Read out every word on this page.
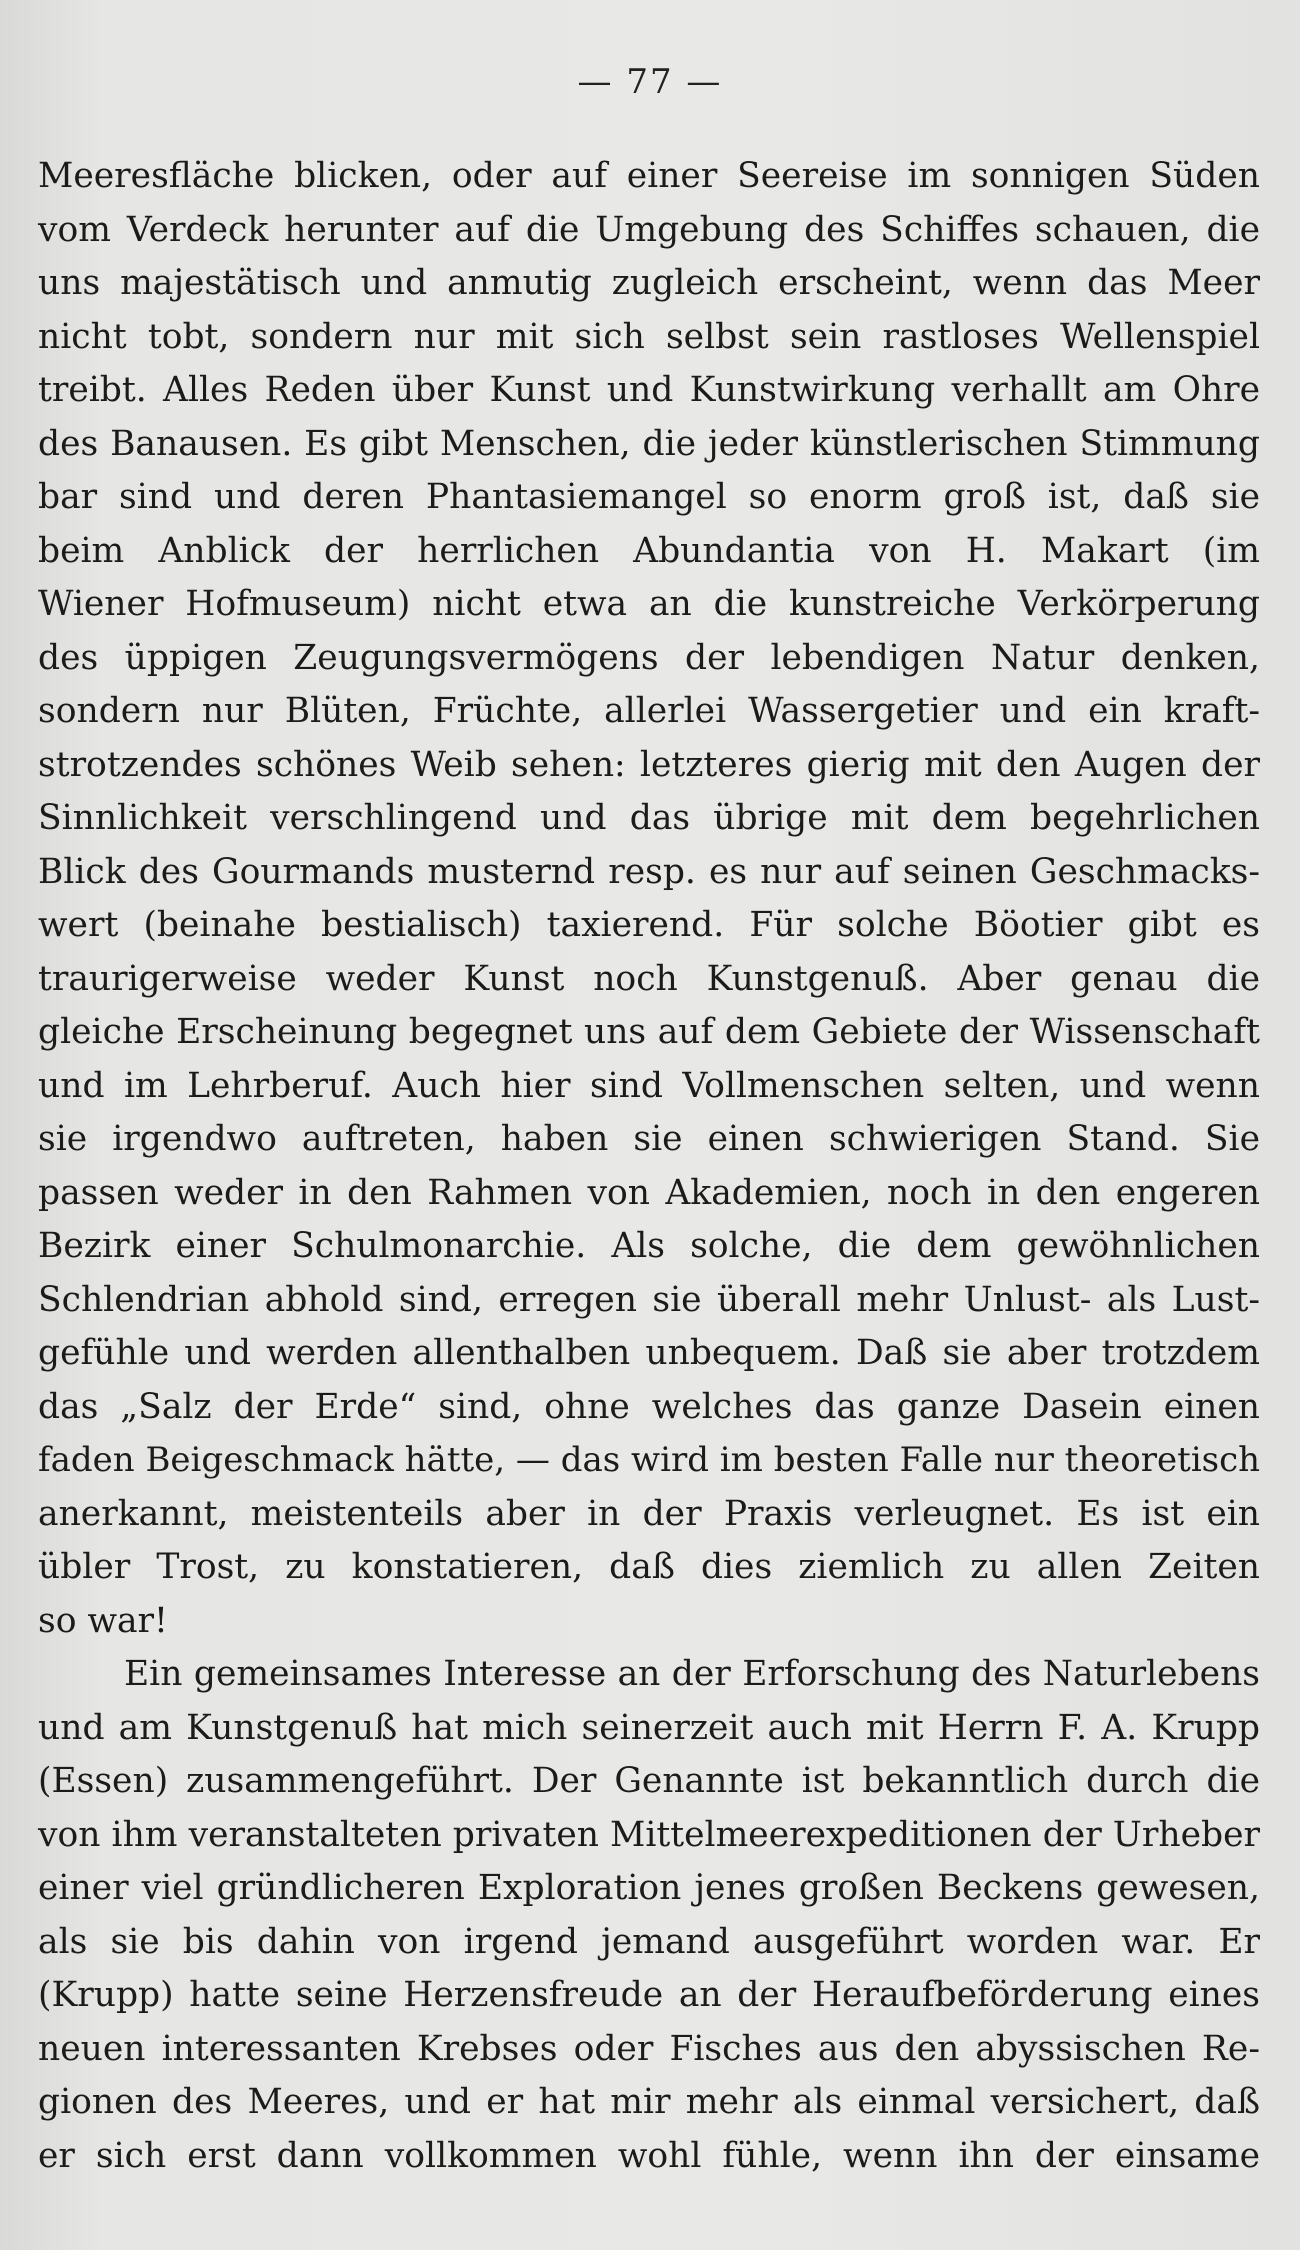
— 77 —

Meeresfläche blicken, oder auf einer Seereise im sonnigen Süden
vom Verdeck herunter auf die Umgebung des Schiffes schauen, die
uns majestätisch und anmutig zugleich erscheint, wenn das Meer
nicht tobt, sondern nur mit sich selbst sein rastloses Wellenspiel
treibt. Alles Reden über Kunst und Kunstwirkung verhallt am Ohre
des Banausen. Es gibt Menschen, die jeder künstlerischen Stimmung
bar sind und deren Phantasiemangel so enorm groß ist, daß sie
beim Anblick der herrlichen Abundantia von H. Makart (im
Wiener Hofmuseum) nicht etwa an die kunstreiche Verkörperung
des üppigen Zeugungsvermögens der lebendigen Natur denken,
sondern nur Blüten, Früchte, allerlei Wassergetier und ein kraft-
strotzendes schönes Weib sehen: letzteres gierig mit den Augen der
Sinnlichkeit verschlingend und das übrige mit dem begehrlichen
Blick des Gourmands musternd resp. es nur auf seinen Geschmacks-
wert (beinahe bestialisch) taxierend. Für solche Böotier gibt es
traurigerweise weder Kunst noch Kunstgenuß. Aber genau die
gleiche Erscheinung begegnet uns auf dem Gebiete der Wissenschaft
und im Lehrberuf. Auch hier sind Vollmenschen selten, und wenn
sie irgendwo auftreten, haben sie einen schwierigen Stand. Sie
passen weder in den Rahmen von Akademien, noch in den engeren
Bezirk einer Schulmonarchie. Als solche, die dem gewöhnlichen
Schlendrian abhold sind, erregen sie überall mehr Unlust- als Lust-
gefühle und werden allenthalben unbequem. Daß sie aber trotzdem
das „Salz der Erde“ sind, ohne welches das ganze Dasein einen
faden Beigeschmack hätte, — das wird im besten Falle nur theoretisch
anerkannt, meistenteils aber in der Praxis verleugnet. Es ist ein
übler Trost, zu konstatieren, daß dies ziemlich zu allen Zeiten
so war!

Ein gemeinsames Interesse an der Erforschung des Naturlebens
und am Kunstgenuß hat mich seinerzeit auch mit Herrn F. A. Krupp
(Essen) zusammengeführt. Der Genannte ist bekanntlich durch die
von ihm veranstalteten privaten Mittelmeerexpeditionen der Urheber
einer viel gründlicheren Exploration jenes großen Beckens gewesen,
als sie bis dahin von irgend jemand ausgeführt worden war. Er
(Krupp) hatte seine Herzensfreude an der Heraufbeförderung eines
neuen interessanten Krebses oder Fisches aus den abyssischen Re-
gionen des Meeres, und er hat mir mehr als einmal versichert, daß
er sich erst dann vollkommen wohl fühle, wenn ihn der einsame
